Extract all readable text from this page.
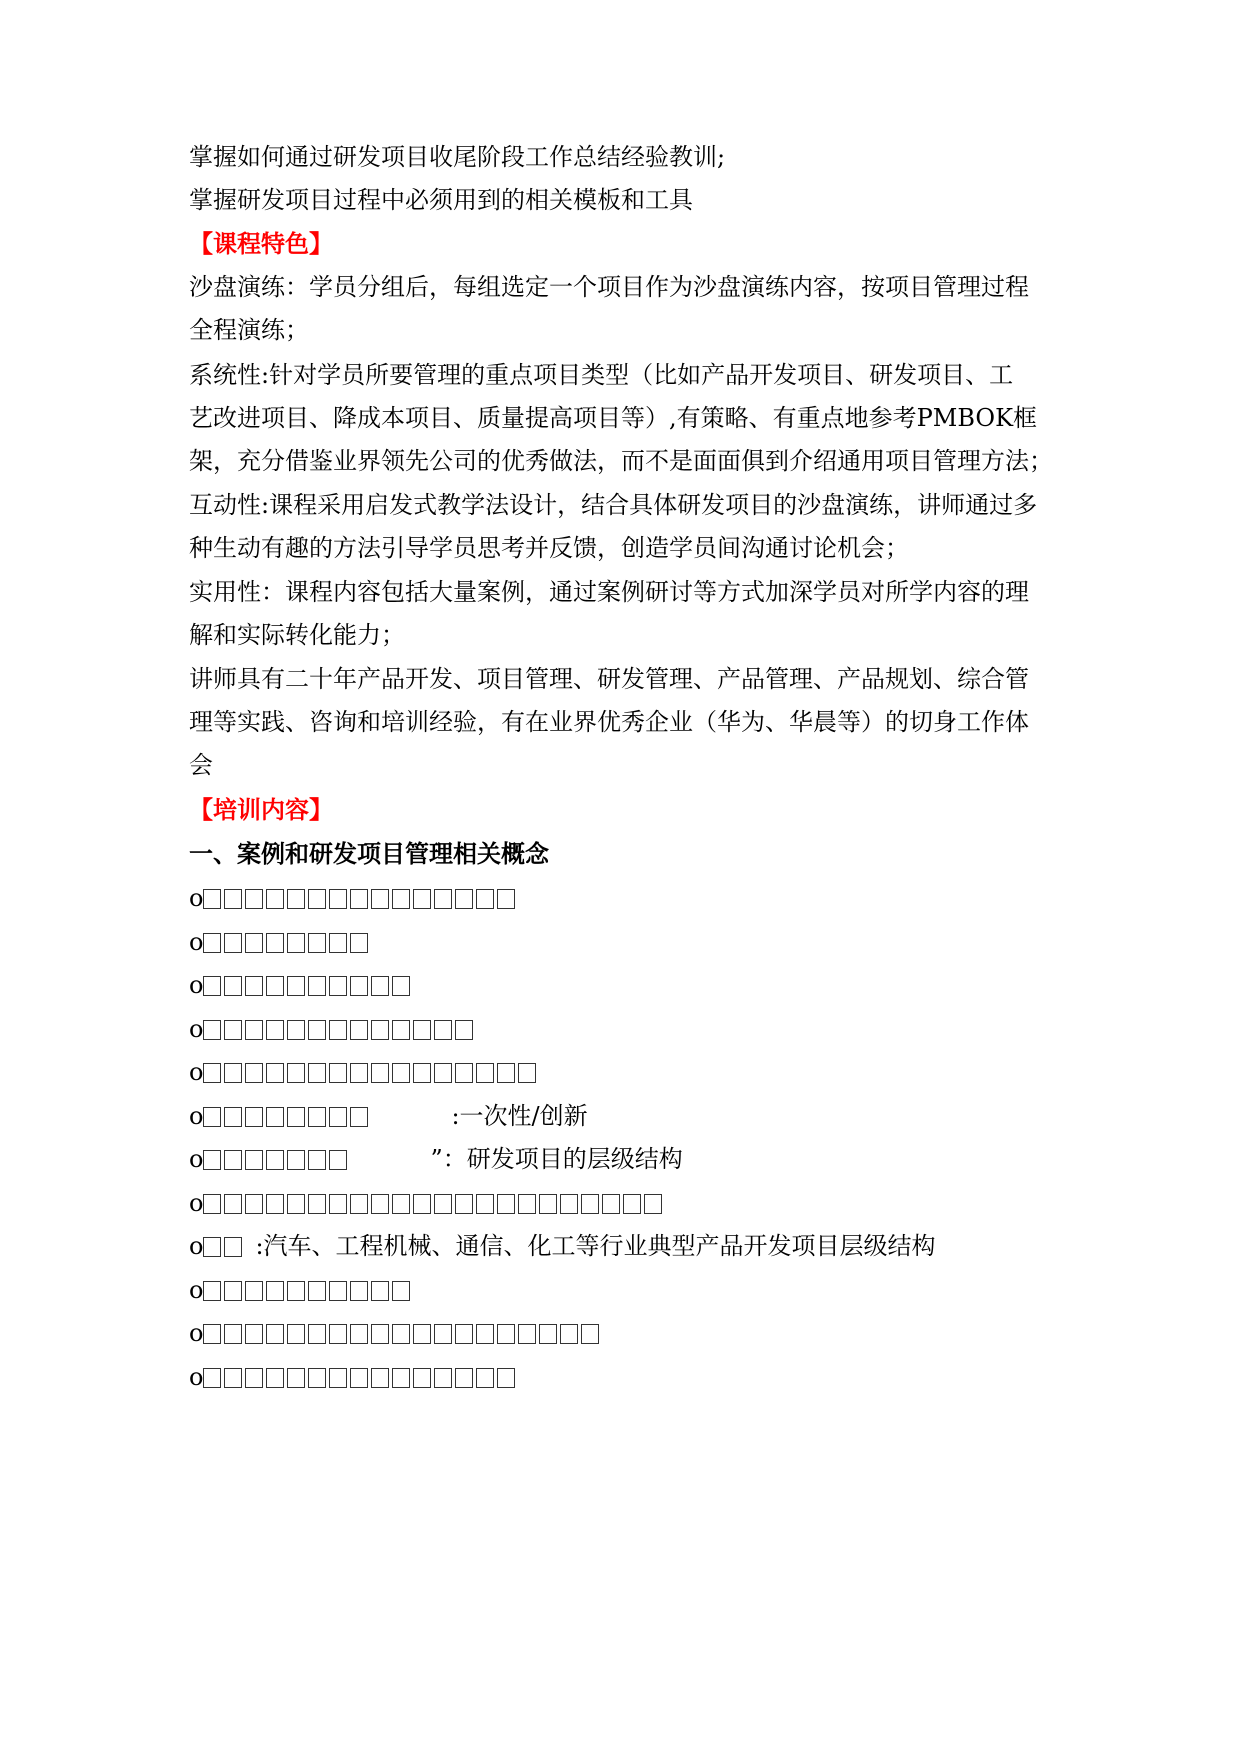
掌握如何通过研发项目收尾阶段工作总结经验教训;
掌握研发项目过程中必须用到的相关模板和工具
【课程特色】
沙盘演练：学员分组后，每组选定一个项目作为沙盘演练内容，按项目管理过程
全程演练；
系统性:针对学员所要管理的重点项目类型（比如产品开发项目、研发项目、工
艺改进项目、降成本项目、质量提高项目等）,有策略、有重点地参考PMBOK框
架，充分借鉴业界领先公司的优秀做法，而不是面面俱到介绍通用项目管理方法；
互动性:课程采用启发式教学法设计，结合具体研发项目的沙盘演练，讲师通过多
种生动有趣的方法引导学员思考并反馈，创造学员间沟通讨论机会；
实用性：课程内容包括大量案例，通过案例研讨等方式加深学员对所学内容的理
解和实际转化能力；
讲师具有二十年产品开发、项目管理、研发管理、产品管理、产品规划、综合管
理等实践、咨询和培训经验，有在业界优秀企业（华为、华晨等）的切身工作体
会
【培训内容】
一、案例和研发项目管理相关概念
o
o
o
o
o
o	:一次性/创新
o	”：研发项目的层级结构
o
o :汽车、工程机械、通信、化工等行业典型产品开发项目层级结构
o
o
o
